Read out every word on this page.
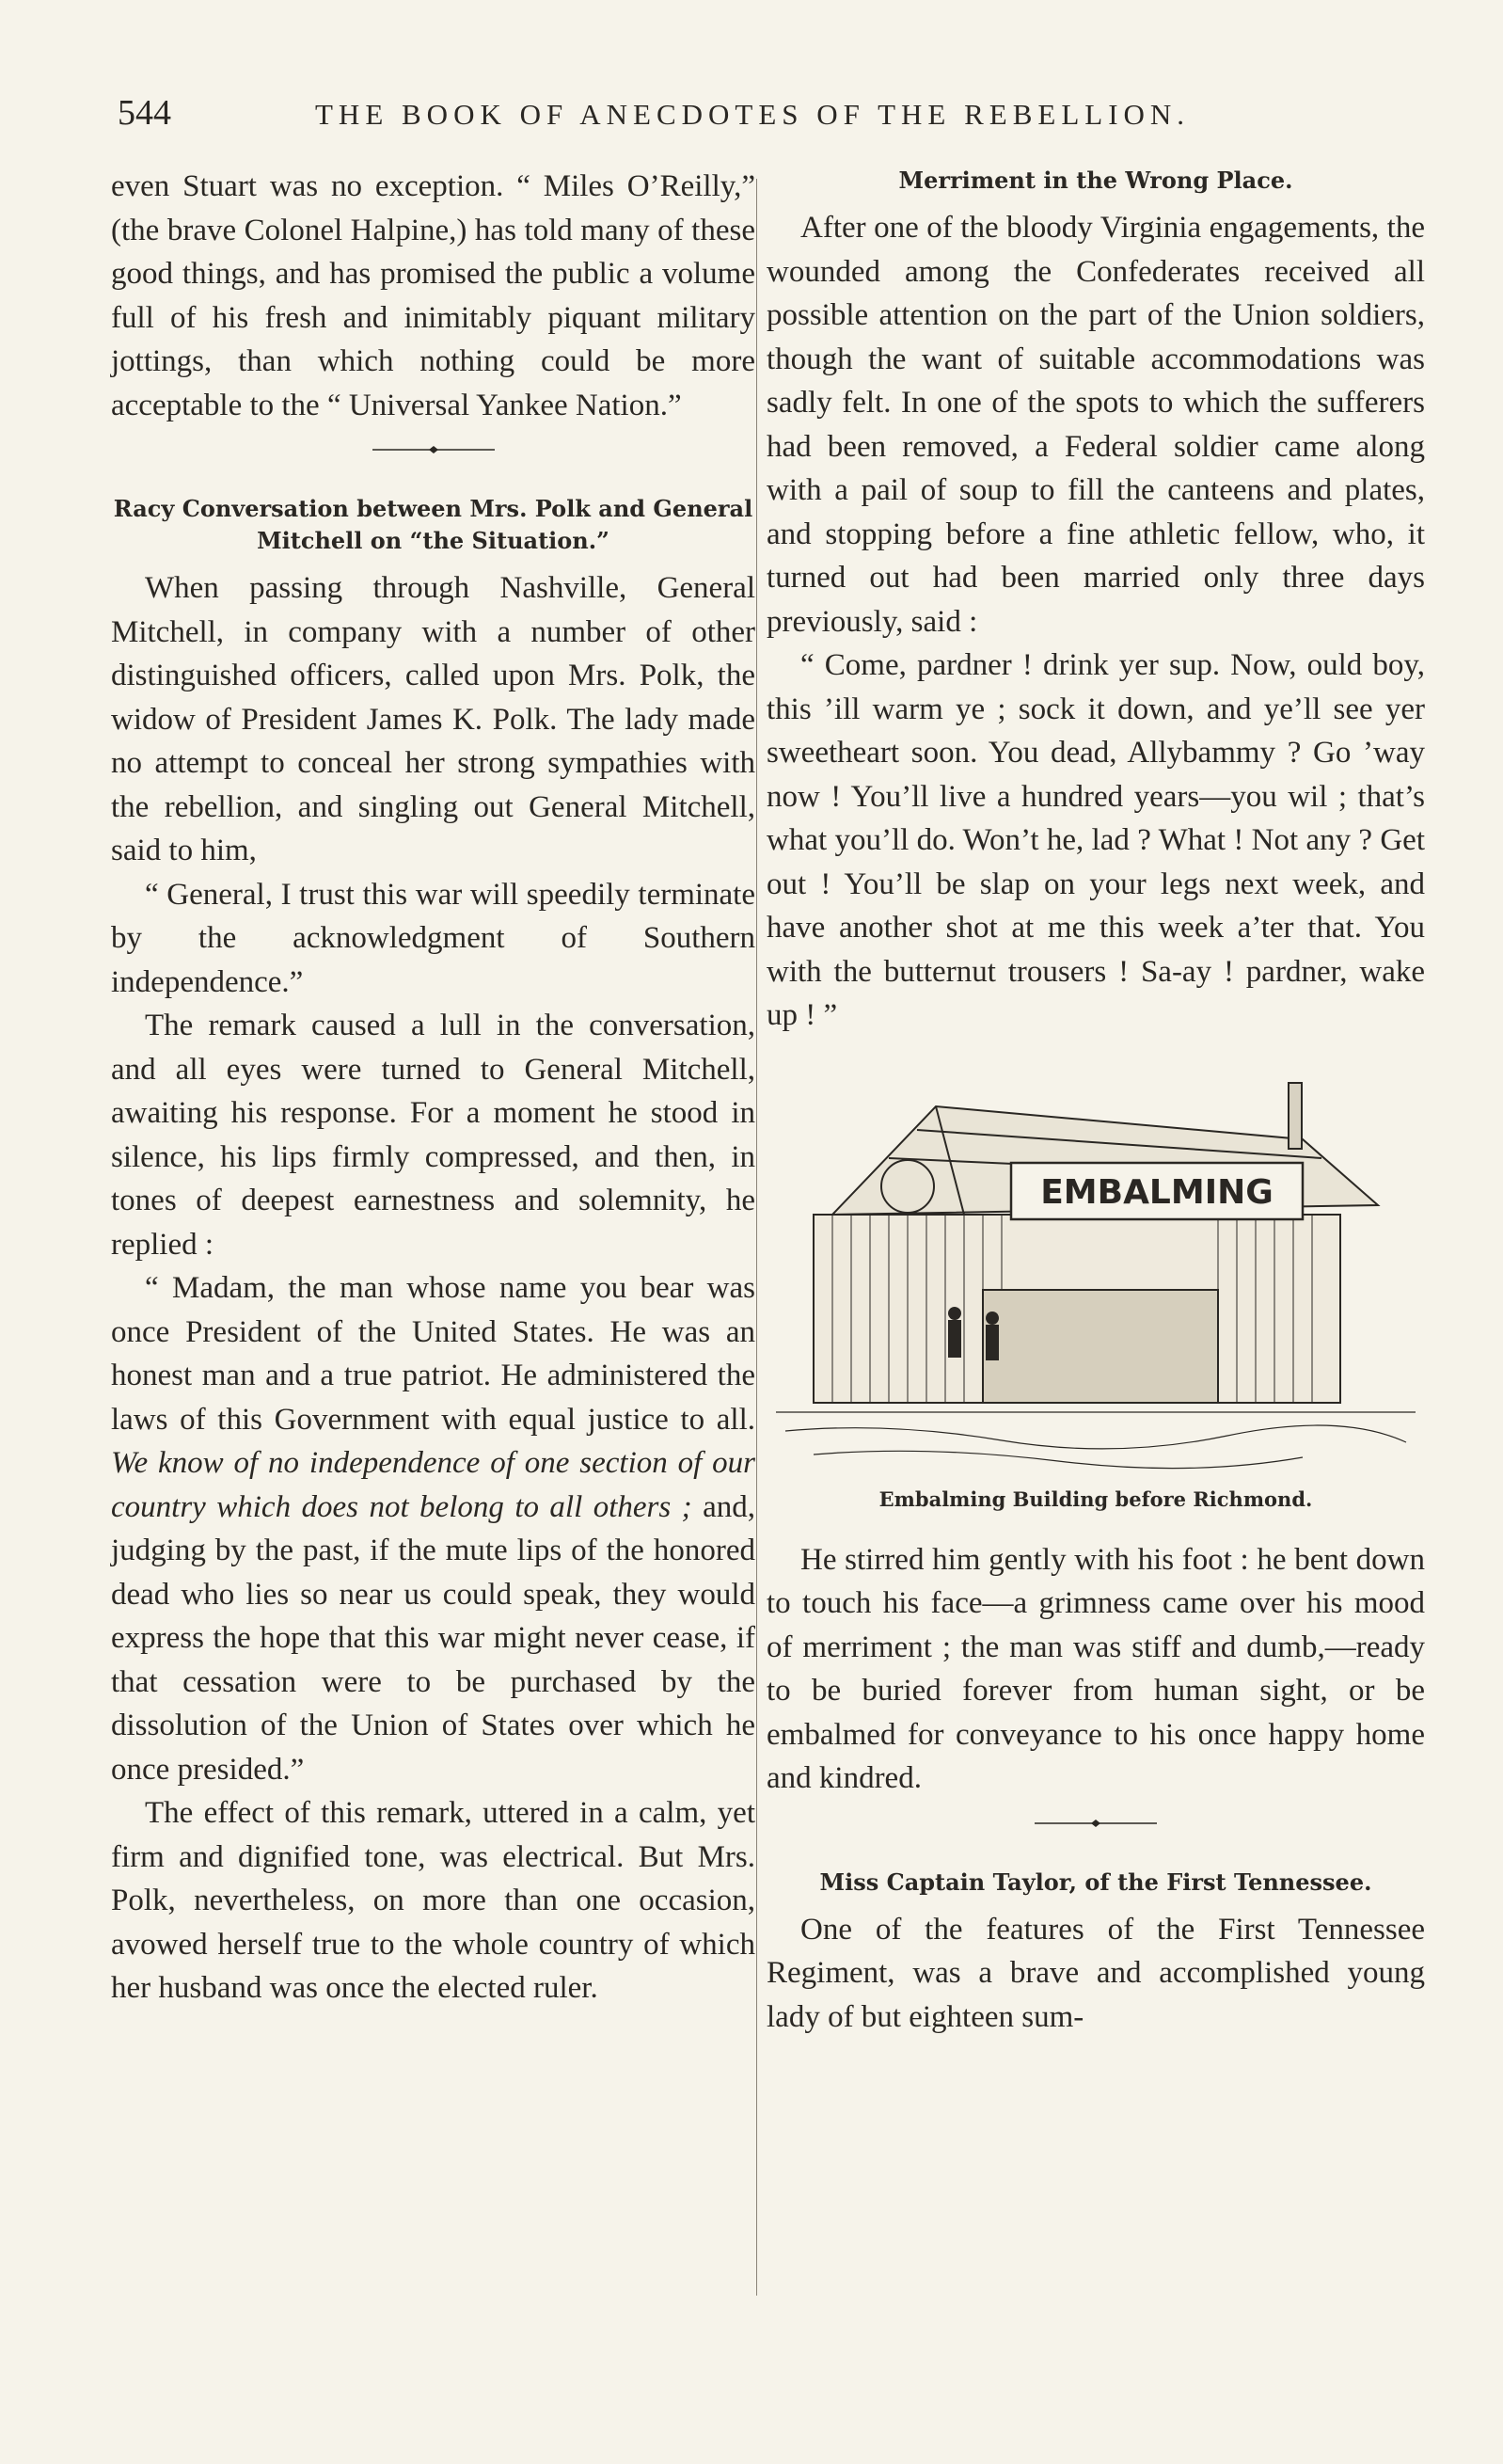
544	THE BOOK OF ANECDOTES OF THE REBELLION.

even Stuart was no exception. “ Miles O’Reilly,” (the brave Colonel Halpine,) has told many of these good things, and has promised the public a volume full of his fresh and inimitably piquant military jottings, than which nothing could be more acceptable to the “ Universal Yankee Nation.”

Racy Conversation between Mrs. Polk and General Mitchell on “the Situation.”

When passing through Nashville, General Mitchell, in company with a number of other distinguished officers, called upon Mrs. Polk, the widow of President James K. Polk. The lady made no attempt to conceal her strong sympathies with the rebellion, and singling out General Mitchell, said to him,

“ General, I trust this war will speedily terminate by the acknowledgment of Southern independence.”

The remark caused a lull in the conversation, and all eyes were turned to General Mitchell, awaiting his response. For a moment he stood in silence, his lips firmly compressed, and then, in tones of deepest earnestness and solemnity, he replied :

“ Madam, the man whose name you bear was once President of the United States. He was an honest man and a true patriot. He administered the laws of this Government with equal justice to all. We know of no independence of one section of our country which does not belong to all others ; and, judging by the past, if the mute lips of the honored dead who lies so near us could speak, they would express the hope that this war might never cease, if that cessation were to be purchased by the dissolution of the Union of States over which he once presided.”

The effect of this remark, uttered in a calm, yet firm and dignified tone, was electrical. But Mrs. Polk, nevertheless, on more than one occasion, avowed herself true to the whole country of which her husband was once the elected ruler.

Merriment in the Wrong Place.

After one of the bloody Virginia engagements, the wounded among the Confederates received all possible attention on the part of the Union soldiers, though the want of suitable accommodations was sadly felt. In one of the spots to which the sufferers had been removed, a Federal soldier came along with a pail of soup to fill the canteens and plates, and stopping before a fine athletic fellow, who, it turned out had been married only three days previously, said :

“ Come, pardner ! drink yer sup. Now, ould boy, this ’ill warm ye ; sock it down, and ye’ll see yer sweetheart soon. You dead, Allybammy ? Go ’way now ! You’ll live a hundred years—you wil ; that’s what you’ll do. Won’t he, lad ? What ! Not any ? Get out ! You’ll be slap on your legs next week, and have another shot at me this week a’ter that. You with the butternut trousers ! Sa-ay ! pardner, wake up ! ”

EMBALMING
Embalming Building before Richmond.

He stirred him gently with his foot : he bent down to touch his face—a grimness came over his mood of merriment ; the man was stiff and dumb,—ready to be buried forever from human sight, or be embalmed for conveyance to his once happy home and kindred.

Miss Captain Taylor, of the First Tennessee.

One of the features of the First Tennessee Regiment, was a brave and accomplished young lady of but eighteen sum-
